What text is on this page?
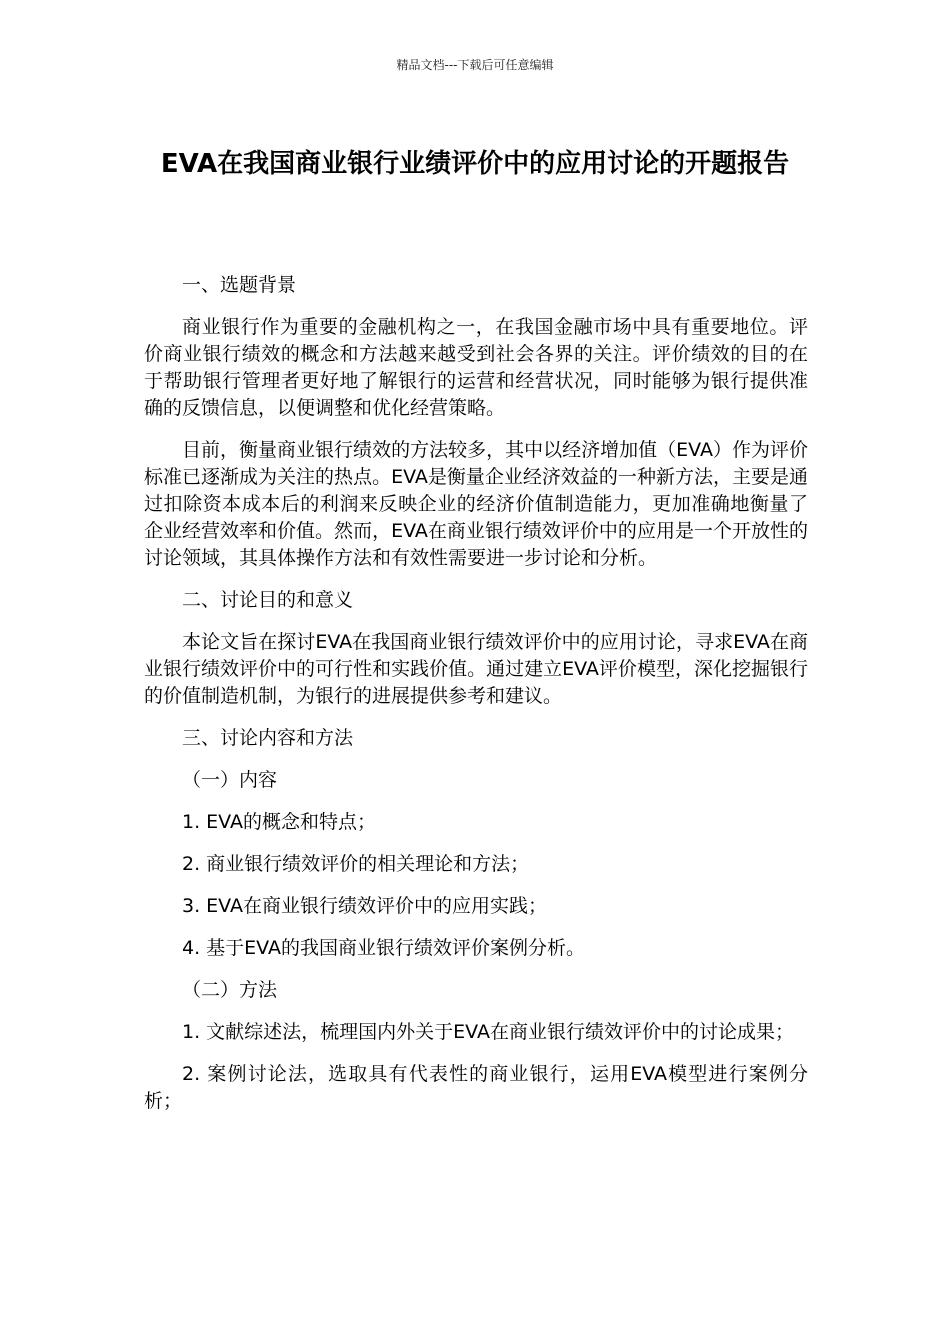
精品文档---下载后可任意编辑
EVA在我国商业银行业绩评价中的应用讨论的开题报告

一、选题背景

商业银行作为重要的金融机构之一，在我国金融市场中具有重要地位。评价商业银行绩效的概念和方法越来越受到社会各界的关注。评价绩效的目的在于帮助银行管理者更好地了解银行的运营和经营状况，同时能够为银行提供准确的反馈信息，以便调整和优化经营策略。

目前，衡量商业银行绩效的方法较多，其中以经济增加值（EVA）作为评价标准已逐渐成为关注的热点。EVA是衡量企业经济效益的一种新方法，主要是通过扣除资本成本后的利润来反映企业的经济价值制造能力，更加准确地衡量了企业经营效率和价值。然而，EVA在商业银行绩效评价中的应用是一个开放性的讨论领域，其具体操作方法和有效性需要进一步讨论和分析。

二、讨论目的和意义

本论文旨在探讨EVA在我国商业银行绩效评价中的应用讨论，寻求EVA在商业银行绩效评价中的可行性和实践价值。通过建立EVA评价模型，深化挖掘银行的价值制造机制，为银行的进展提供参考和建议。

三、讨论内容和方法

（一）内容

1. EVA的概念和特点；

2. 商业银行绩效评价的相关理论和方法；

3. EVA在商业银行绩效评价中的应用实践；

4. 基于EVA的我国商业银行绩效评价案例分析。

（二）方法

1. 文献综述法，梳理国内外关于EVA在商业银行绩效评价中的讨论成果；

2. 案例讨论法，选取具有代表性的商业银行，运用EVA模型进行案例分析；
